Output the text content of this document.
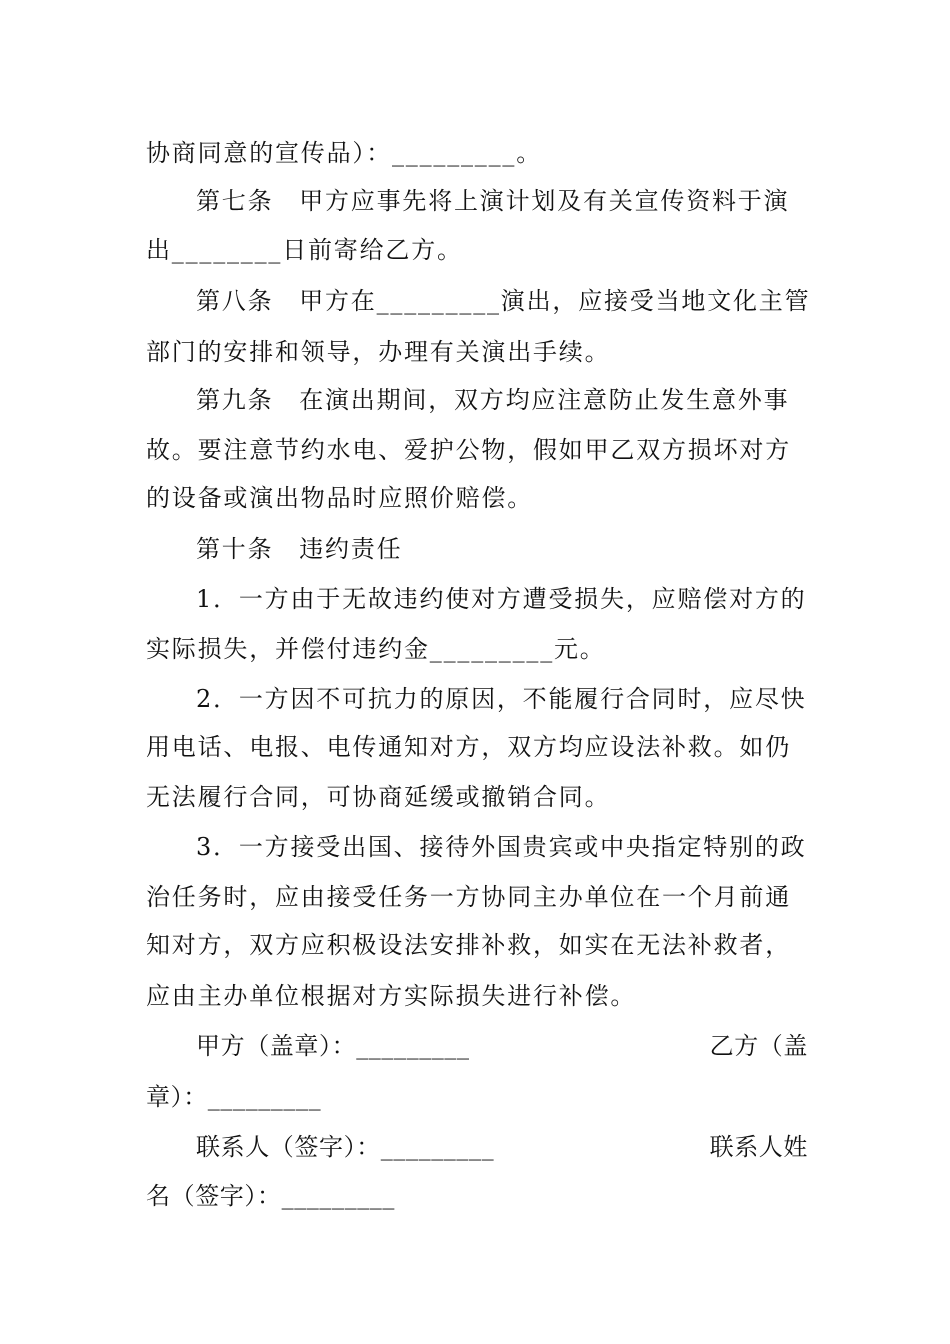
协商同意的宣传品）：_________。
第七条　甲方应事先将上演计划及有关宣传资料于演
出________日前寄给乙方。
第八条　甲方在_________演出，应接受当地文化主管
部门的安排和领导，办理有关演出手续。
第九条　在演出期间，双方均应注意防止发生意外事
故。要注意节约水电、爱护公物，假如甲乙双方损坏对方
的设备或演出物品时应照价赔偿。
第十条　违约责任
1．一方由于无故违约使对方遭受损失，应赔偿对方的
实际损失，并偿付违约金_________元。
2．一方因不可抗力的原因，不能履行合同时，应尽快
用电话、电报、电传通知对方，双方均应设法补救。如仍
无法履行合同，可协商延缓或撤销合同。
3．一方接受出国、接待外国贵宾或中央指定特别的政
治任务时，应由接受任务一方协同主办单位在一个月前通
知对方，双方应积极设法安排补救，如实在无法补救者，
应由主办单位根据对方实际损失进行补偿。
甲方（盖章）：_________	乙方（盖
章）：_________
联系人（签字）：_________	联系人姓
名（签字）：_________
